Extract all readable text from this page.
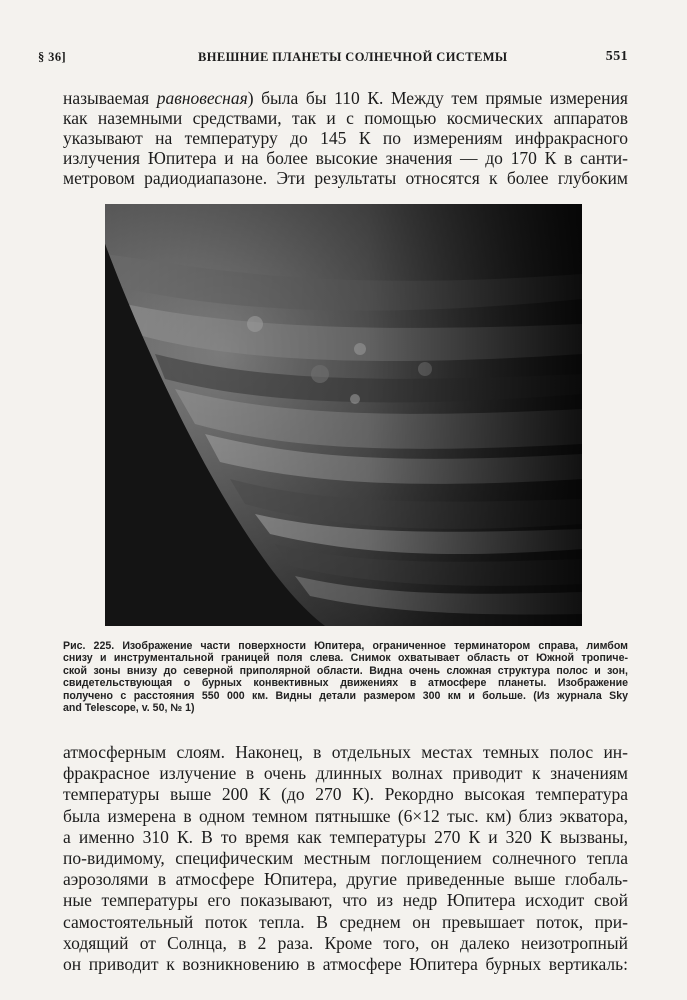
§ 36]	ВНЕШНИЕ ПЛАНЕТЫ СОЛНЕЧНОЙ СИСТЕМЫ	551
называемая равновесная) была бы 110 К. Между тем прямые измерения
как наземными средствами, так и с помощью космических аппаратов
указывают на температуру до 145 К по измерениям инфракрасного
излучения Юпитера и на более высокие значения — до 170 К в санти-
метровом радиодиапазоне. Эти результаты относятся к более глубоким
Рис. 225. Изображение части поверхности Юпитера, ограниченное терминатором справа, лимбом
снизу и инструментальной границей поля слева. Снимок охватывает область от Южной тропиче-
ской зоны внизу до северной приполярной области. Видна очень сложная структура полос и зон,
свидетельствующая о бурных конвективных движениях в атмосфере планеты. Изображение
получено с расстояния 550 000 км. Видны детали размером 300 км и больше. (Из журнала Sky
and Telescope, v. 50, № 1)
атмосферным слоям. Наконец, в отдельных местах темных полос ин-
фракрасное излучение в очень длинных волнах приводит к значениям
температуры выше 200 К (до 270 К). Рекордно высокая температура
была измерена в одном темном пятнышке (6×12 тыс. км) близ экватора,
а именно 310 К. В то время как температуры 270 К и 320 К вызваны,
по-видимому, специфическим местным поглощением солнечного тепла
аэрозолями в атмосфере Юпитера, другие приведенные выше глобаль-
ные температуры его показывают, что из недр Юпитера исходит свой
самостоятельный поток тепла. В среднем он превышает поток, при-
ходящий от Солнца, в 2 раза. Кроме того, он далеко неизотропный
он приводит к возникновению в атмосфере Юпитера бурных вертикаль:
